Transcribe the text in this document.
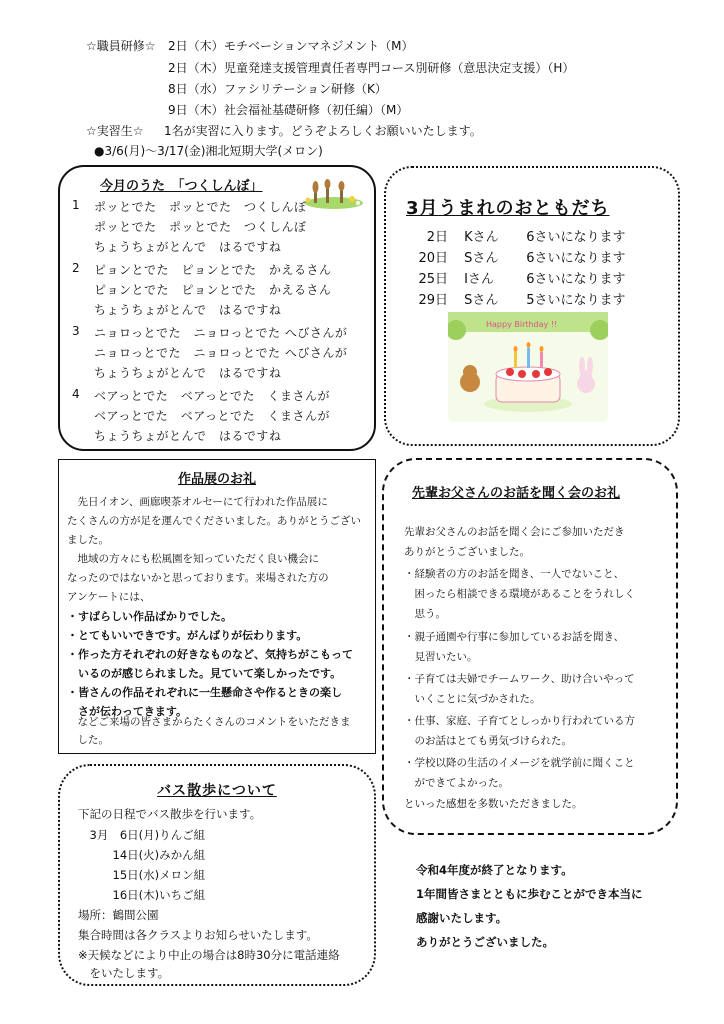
☆職員研修☆ 2日（木） モチベーションマネジメント（M）
2日（木） 児童発達支援管理責任者専門コース別研修（意思決定支援）（H）
8日（水） ファシリテーション研修（K）
9日（木） 社会福祉基礎研修（初任編）（M）
☆実習生☆ 1名が実習に入ります。どうぞよろしくお願いいたします。
●3/6(月)～3/17(金)湘北短期大学(メロン)
今月のうた　「つくしんぼ」
1 ポッとでた　ポッとでた　つくしんぼ
ポッとでた　ポッとでた　つくしんぼ
ちょうちょがとんで　はるですね
2 ピョンとでた　ピョンとでた　かえるさん
ピョンとでた　ピョンとでた　かえるさん
ちょうちょがとんで　はるですね
3 ニョロっとでた　ニョロっとでた へびさんが
ニョロっとでた　ニョロっとでた へびさんが
ちょうちょがとんで　はるですね
4 ベアっとでた　ベアっとでた　くまさんが
ベアっとでた　ベアっとでた　くまさんが
ちょうちょがとんで　はるですね
3月うまれのおともだち
2日 Kさん 6さいになります
20日 Sさん 6さいになります
25日 Iさん 6さいになります
29日 Sさん 5さいになります
Happy Birthday !!
作品展のお礼
　先日イオン、画廊喫茶オルセーにて行われた作品展に
たくさんの方が足を運んでくださいました。ありがとうござい
ました。
　地域の方々にも松風園を知っていただく良い機会に
なったのではないかと思っております。来場された方の
アンケートには、
・すばらしい作品ばかりでした。
・とてもいいできです。がんばりが伝わります。
・作った方それぞれの好きなものなど、気持ちがこもって
　いるのが感じられました。見ていて楽しかったです。
・皆さんの作品それぞれに一生懸命さや作るときの楽し
　さが伝わってきます。
　などご来場の皆さまからたくさんのコメントをいただきま
　した。
先輩お父さんのお話を聞く会のお礼
先輩お父さんのお話を聞く会にご参加いただき
ありがとうございました。
・経験者の方のお話を聞き、一人でないこと、
　困ったら相談できる環境があることをうれしく
　思う。
・親子通園や行事に参加しているお話を聞き、
　見習いたい。
・子育ては夫婦でチームワーク、助け合いやって
　いくことに気づかされた。
・仕事、家庭、子育てとしっかり行われている方
　のお話はとても勇気づけられた。
・学校以降の生活のイメージを就学前に聞くこと
　ができてよかった。
といった感想を多数いただきました。
バス散歩について
下記の日程でバス散歩を行います。
　3月　6日(月)りんご組
　　　14日(火)みかん組
　　　15日(水)メロン組
　　　16日(木)いちご組
場所：鶴間公園
集合時間は各クラスよりお知らせいたします。
※天候などにより中止の場合は8時30分に電話連絡
　をいたします。
令和4年度が終了となります。
1年間皆さまとともに歩むことができ本当に
感謝いたします。
ありがとうございました。
